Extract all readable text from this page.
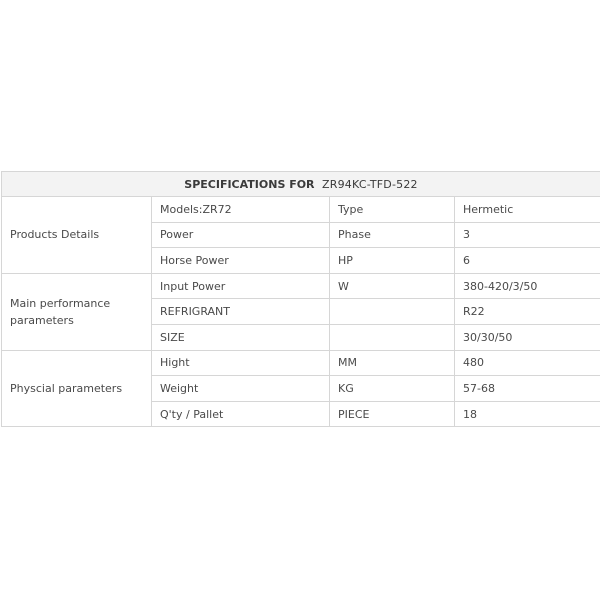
SPECIFICATIONS FOR ZR94KC-TFD-522			
Products Details	Models:ZR72	Type	Hermetic
	Power	Phase	3
	Horse Power	HP	6
Main performance parameters	Input Power	W	380-420/3/50
	REFRIGRANT		R22
	SIZE		30/30/50
Physcial parameters	Hight	MM	480
	Weight	KG	57-68
	Q'ty / Pallet	PIECE	18
